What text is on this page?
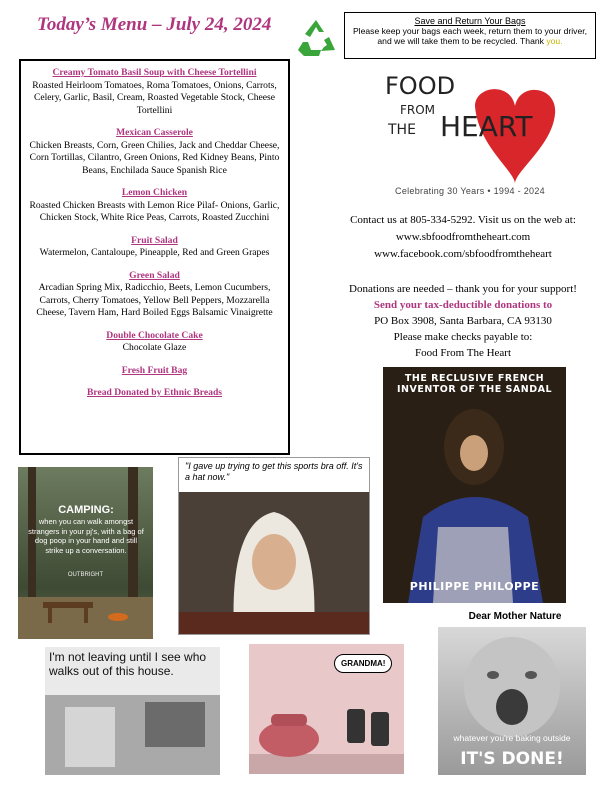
Today’s Menu – July 24, 2024	Save and Return Your Bags
Please keep your bags each week, return them to your driver, and we will take them to be recycled. Thank you.
Creamy Tomato Basil Soup with Cheese Tortellini
Roasted Heirloom Tomatoes, Roma Tomatoes, Onions, Carrots, Celery, Garlic, Basil, Cream, Roasted Vegetable Stock, Cheese Tortellini
Mexican Casserole
Chicken Breasts, Corn, Green Chilies, Jack and Cheddar Cheese, Corn Tortillas, Cilantro, Green Onions, Red Kidney Beans, Pinto Beans, Enchilada Sauce Spanish Rice
Lemon Chicken
Roasted Chicken Breasts with Lemon Rice Pilaf- Onions, Garlic, Chicken Stock, White Rice Peas, Carrots, Roasted Zucchini
Fruit Salad
Watermelon, Cantaloupe, Pineapple, Red and Green Grapes
Green Salad
Arcadian Spring Mix, Radicchio, Beets, Lemon Cucumbers, Carrots, Cherry Tomatoes, Yellow Bell Peppers, Mozzarella Cheese, Tavern Ham, Hard Boiled Eggs Balsamic Vinaigrette
Double Chocolate Cake
Chocolate Glaze
Fresh Fruit Bag
Bread Donated by Ethnic Breads
FOOD
FROM
THE HEART
Celebrating 30 Years • 1994 - 2024
Contact us at 805-334-5292. Visit us on the web at:
www.sbfoodfromtheheart.com
www.facebook.com/sbfoodfromtheheart
Donations are needed – thank you for your support!
Send your tax-deductible donations to
PO Box 3908, Santa Barbara, CA 93130
Please make checks payable to:
Food From The Heart
THE RECLUSIVE FRENCH INVENTOR OF THE SANDAL
PHILIPPE PHILOPPE
CAMPING:
when you can walk amongst strangers in your pj's, with a bag of dog poop in your hand and still strike up a conversation.
OUTBRIGHT
"I gave up trying to get this sports bra off. It's a hat now."
Dear Mother Nature
whatever you're baking outside
IT'S DONE!
I'm not leaving until I see who walks out of this house.
GRANDMA!
